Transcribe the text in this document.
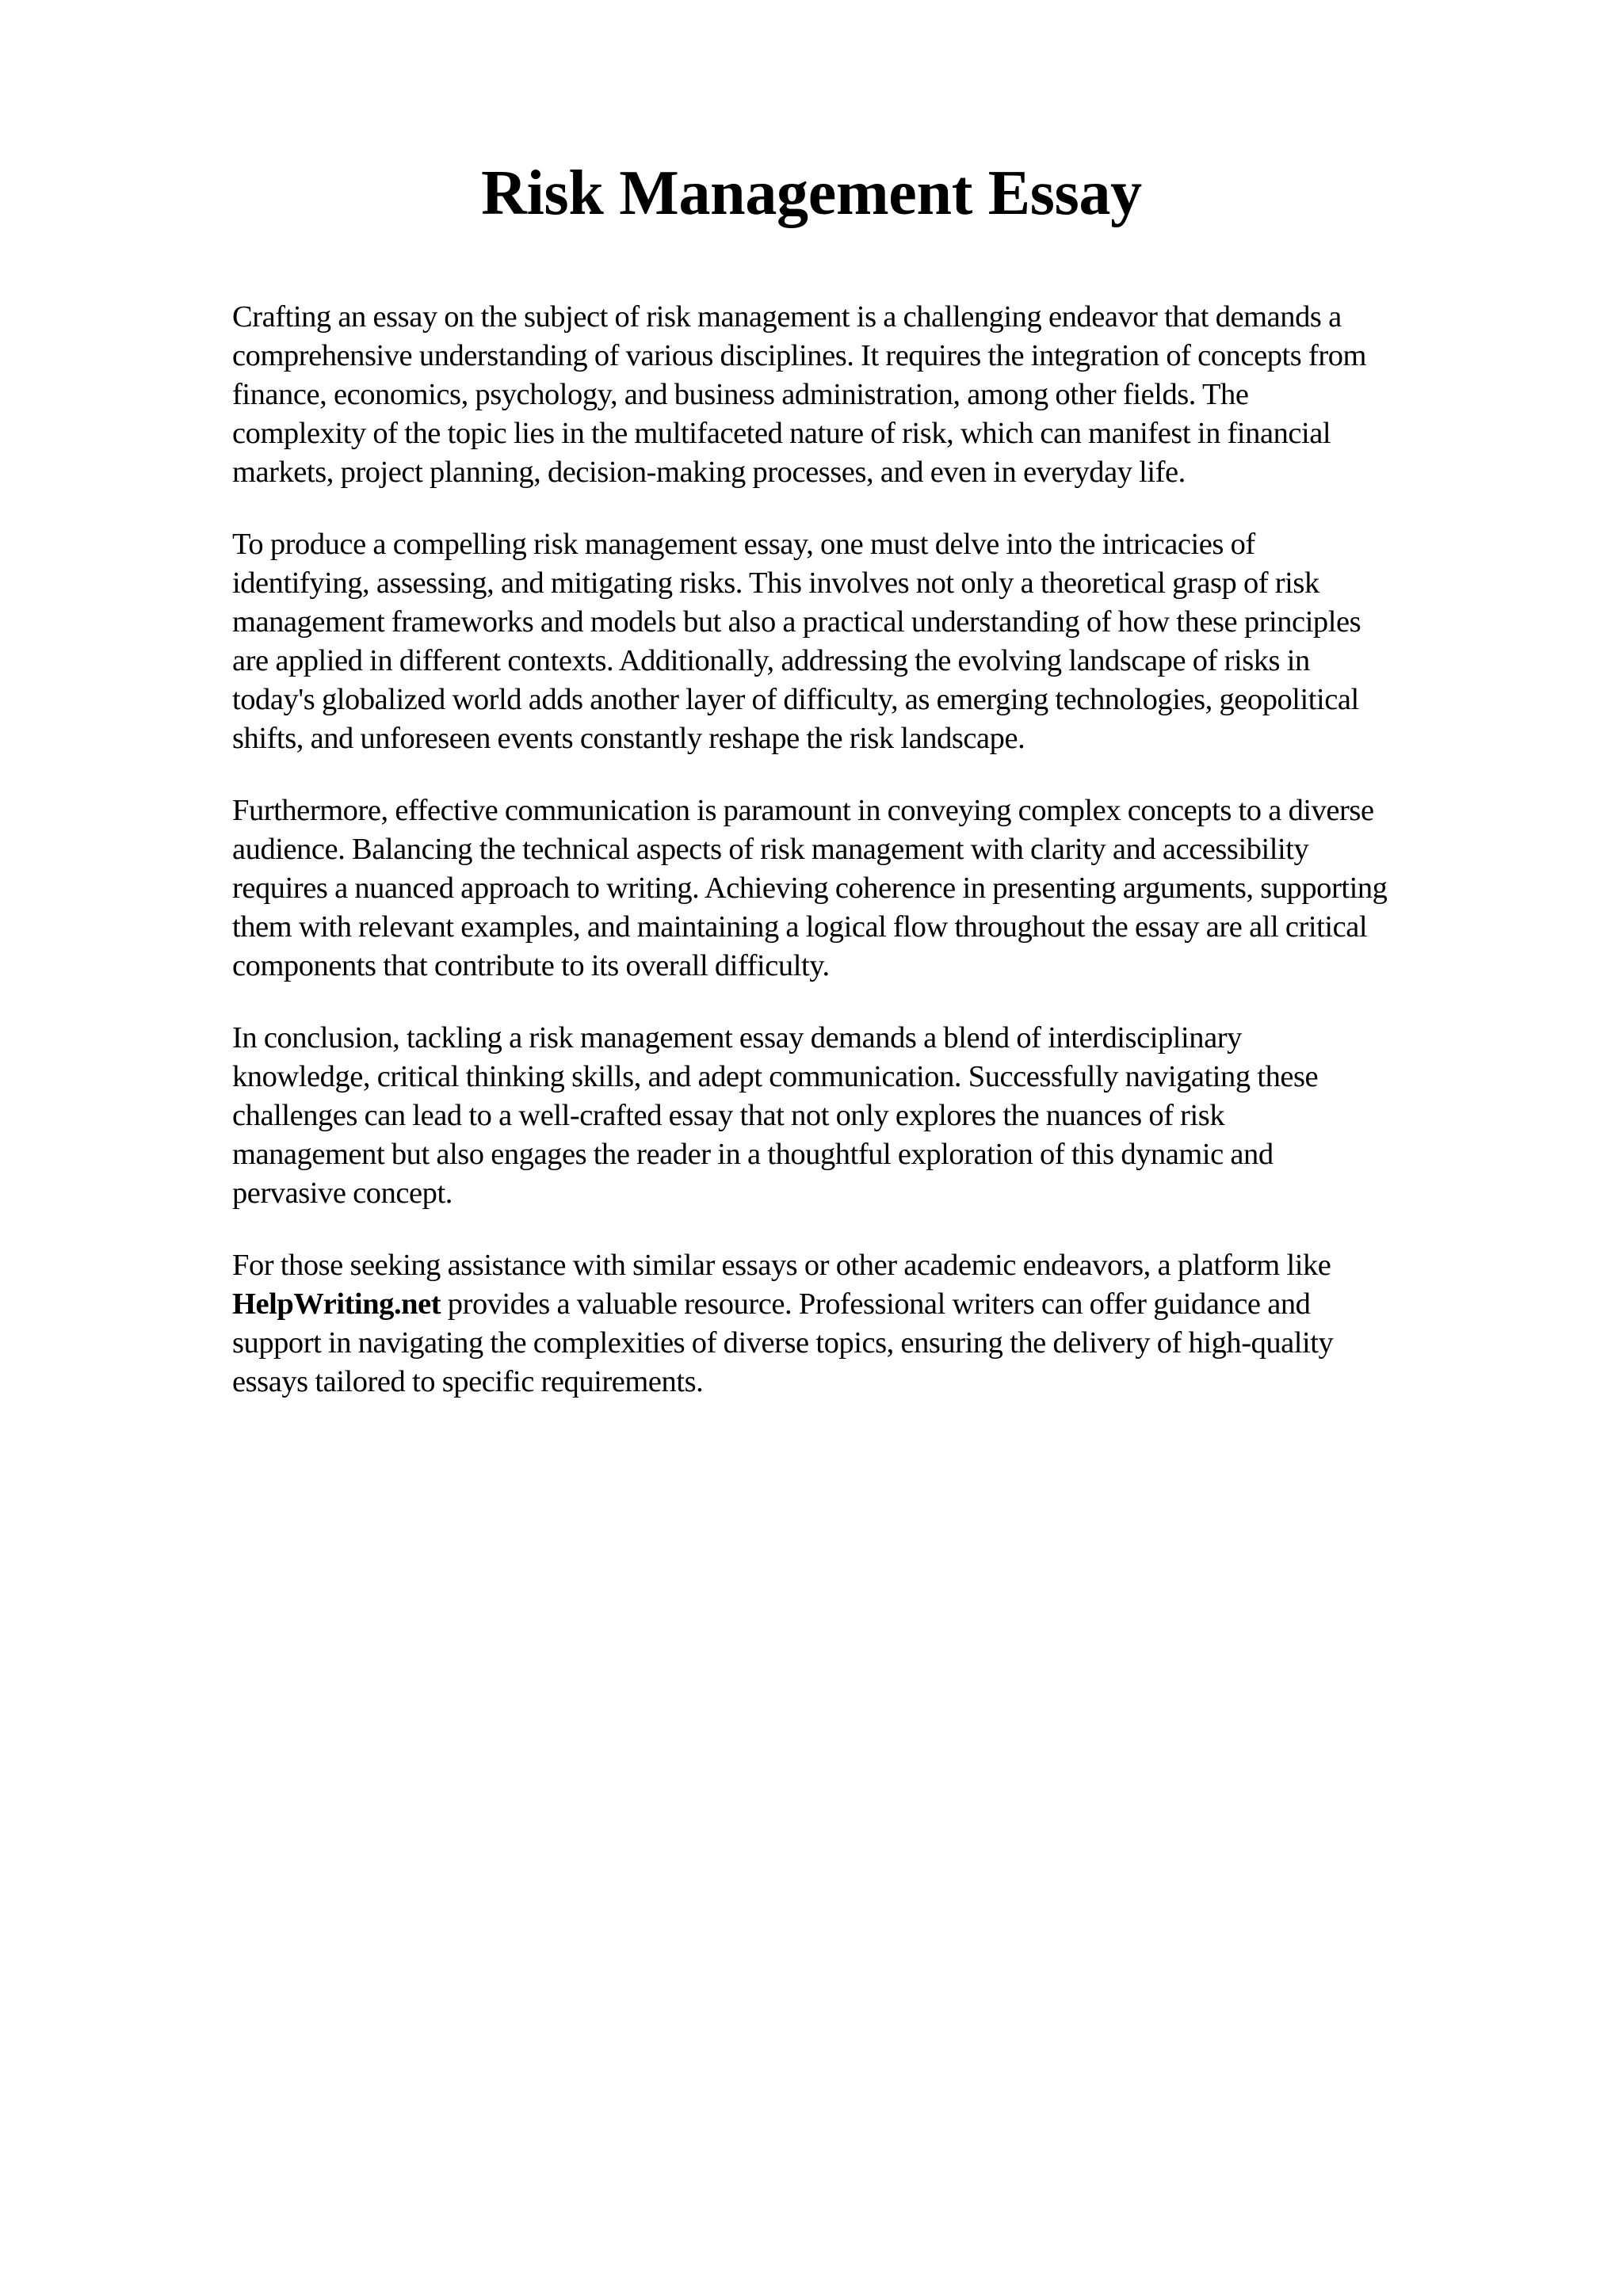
Risk Management Essay

Crafting an essay on the subject of risk management is a challenging endeavor that demands a
comprehensive understanding of various disciplines. It requires the integration of concepts from
finance, economics, psychology, and business administration, among other fields. The
complexity of the topic lies in the multifaceted nature of risk, which can manifest in financial
markets, project planning, decision-making processes, and even in everyday life.

To produce a compelling risk management essay, one must delve into the intricacies of
identifying, assessing, and mitigating risks. This involves not only a theoretical grasp of risk
management frameworks and models but also a practical understanding of how these principles
are applied in different contexts. Additionally, addressing the evolving landscape of risks in
today's globalized world adds another layer of difficulty, as emerging technologies, geopolitical
shifts, and unforeseen events constantly reshape the risk landscape.

Furthermore, effective communication is paramount in conveying complex concepts to a diverse
audience. Balancing the technical aspects of risk management with clarity and accessibility
requires a nuanced approach to writing. Achieving coherence in presenting arguments, supporting
them with relevant examples, and maintaining a logical flow throughout the essay are all critical
components that contribute to its overall difficulty.

In conclusion, tackling a risk management essay demands a blend of interdisciplinary
knowledge, critical thinking skills, and adept communication. Successfully navigating these
challenges can lead to a well-crafted essay that not only explores the nuances of risk
management but also engages the reader in a thoughtful exploration of this dynamic and
pervasive concept.

For those seeking assistance with similar essays or other academic endeavors, a platform like
HelpWriting.net provides a valuable resource. Professional writers can offer guidance and
support in navigating the complexities of diverse topics, ensuring the delivery of high-quality
essays tailored to specific requirements.
